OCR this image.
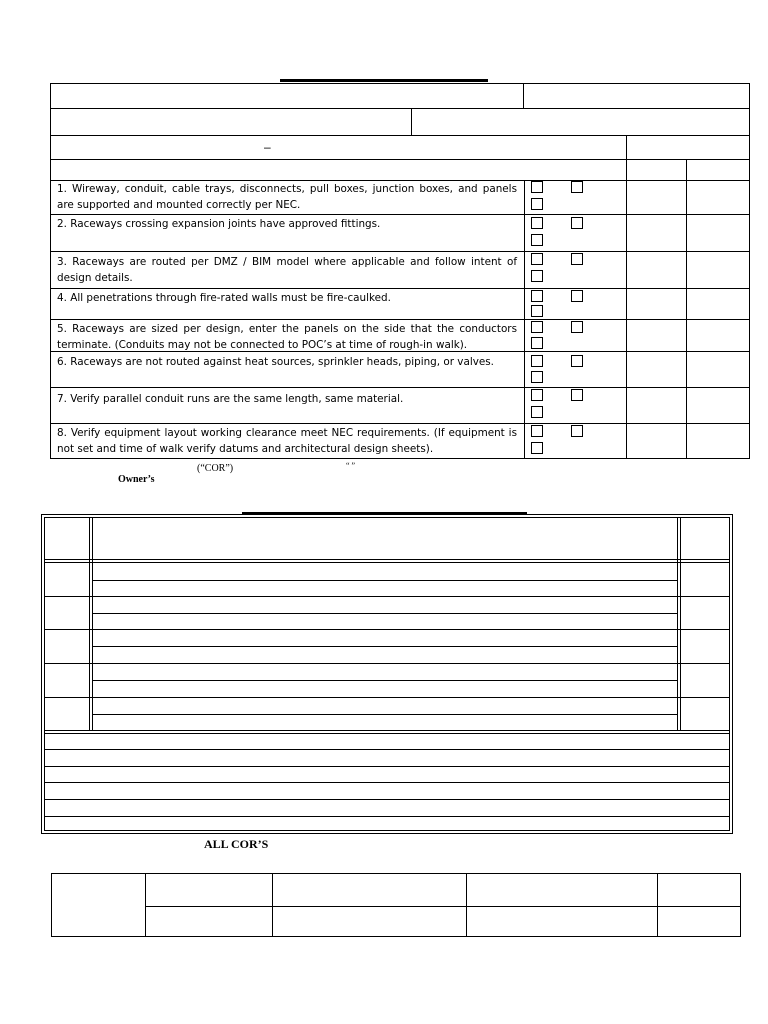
–
1. Wireway, conduit, cable trays, disconnects, pull boxes, junction boxes, and panels are supported and mounted correctly per NEC.
2. Raceways crossing expansion joints have approved fittings.
3. Raceways are routed per DMZ / BIM model where applicable and follow intent of design details.
4. All penetrations through fire-rated walls must be fire-caulked.
5. Raceways are sized per design, enter the panels on the side that the conductors terminate. (Conduits may not be connected to POC’s at time of rough-in walk).
6. Raceways are not routed against heat sources, sprinkler heads, piping, or valves.
7. Verify parallel conduit runs are the same length, same material.
8. Verify equipment layout working clearance meet NEC requirements. (If equipment is not set and time of walk verify datums and architectural design sheets).
(“COR”)	“ ”
Owner’s
ALL COR’S
